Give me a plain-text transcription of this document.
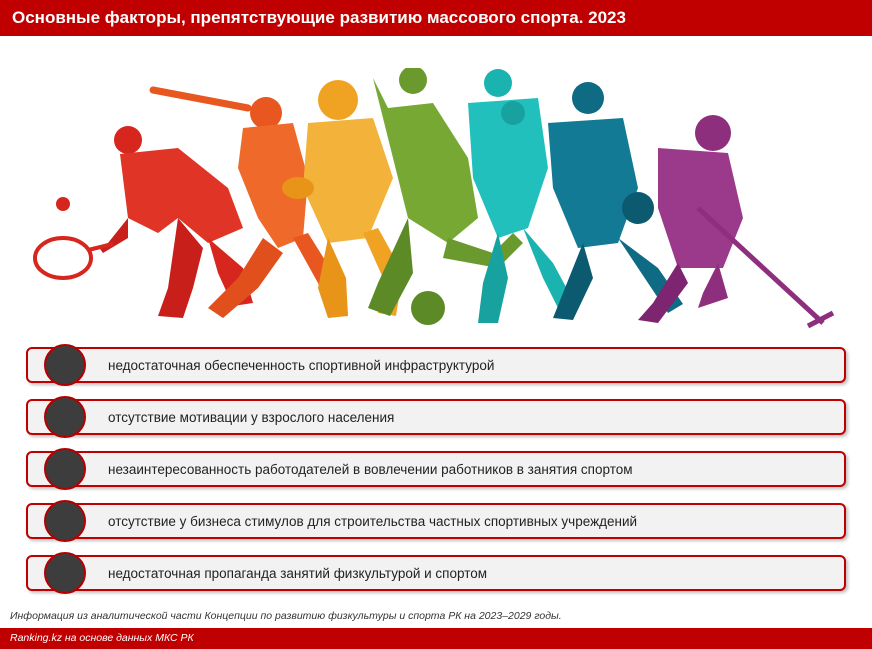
Основные факторы, препятствующие развитию массового спорта. 2023
недостаточная обеспеченность спортивной инфраструктурой
отсутствие мотивации у взрослого населения
незаинтересованность работодателей в вовлечении работников в занятия спортом
отсутствие у бизнеса стимулов для строительства частных спортивных учреждений
недостаточная пропаганда занятий физкультурой и спортом
Информация из аналитической части Концепции по развитию физкультуры и спорта РК на 2023–2029 годы.
Ranking.kz на основе данных МКС РК
